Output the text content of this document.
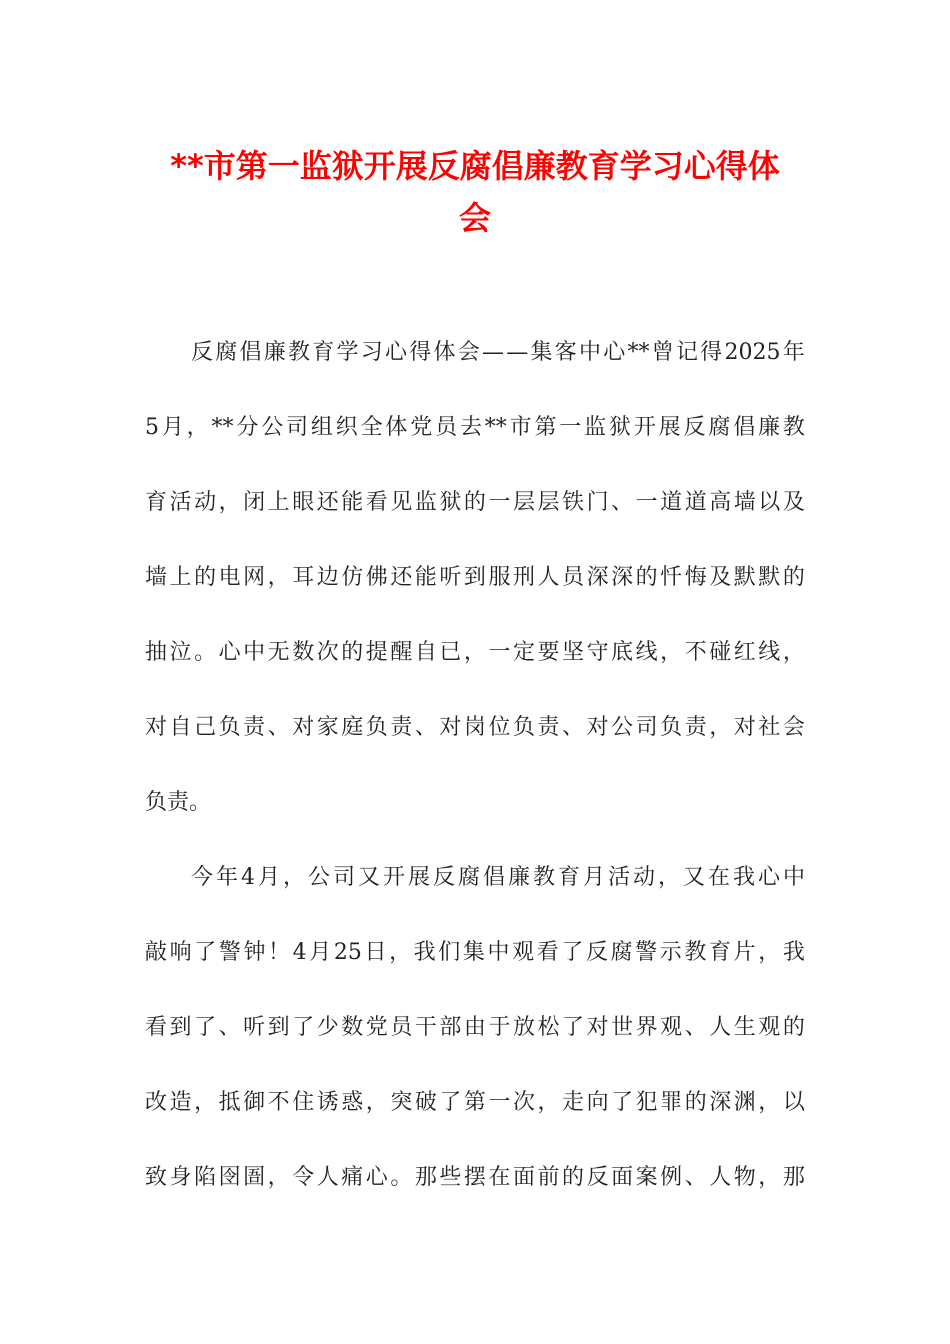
**市第一监狱开展反腐倡廉教育学习心得体
会
反 腐 倡 廉 教 育 学 习 心 得 体 会 — — 集 客 中 心 ** 曾 记 得 2025 年
5 月 ， ** 分 公 司 组 织 全 体 党 员 去 ** 市 第 一 监 狱 开 展 反 腐 倡 廉 教
育 活 动 ， 闭 上 眼 还 能 看 见 监 狱 的 一 层 层 铁 门 、 一 道 道 高 墙 以 及
墙 上 的 电 网 ， 耳 边 仿 佛 还 能 听 到 服 刑 人 员 深 深 的 忏 悔 及 默 默 的
抽 泣 。 心 中 无 数 次 的 提 醒 自 已 ， 一 定 要 坚 守 底 线 ， 不 碰 红 线 ，
对 自 己 负 责 、 对 家 庭 负 责 、 对 岗 位 负 责 、 对 公 司 负 责 ， 对 社 会
负 责 。
今 年 4 月 ， 公 司 又 开 展 反 腐 倡 廉 教 育 月 活 动 ， 又 在 我 心 中
敲 响 了 警 钟 ！ 4 月 25 日 ， 我 们 集 中 观 看 了 反 腐 警 示 教 育 片 ， 我
看 到 了 、 听 到 了 少 数 党 员 干 部 由 于 放 松 了 对 世 界 观 、 人 生 观 的
改 造 ， 抵 御 不 住 诱 惑 ， 突 破 了 第 一 次 ， 走 向 了 犯 罪 的 深 渊 ， 以
致 身 陷 囹 圄 ， 令 人 痛 心 。 那 些 摆 在 面 前 的 反 面 案 例 、 人 物 ， 那
